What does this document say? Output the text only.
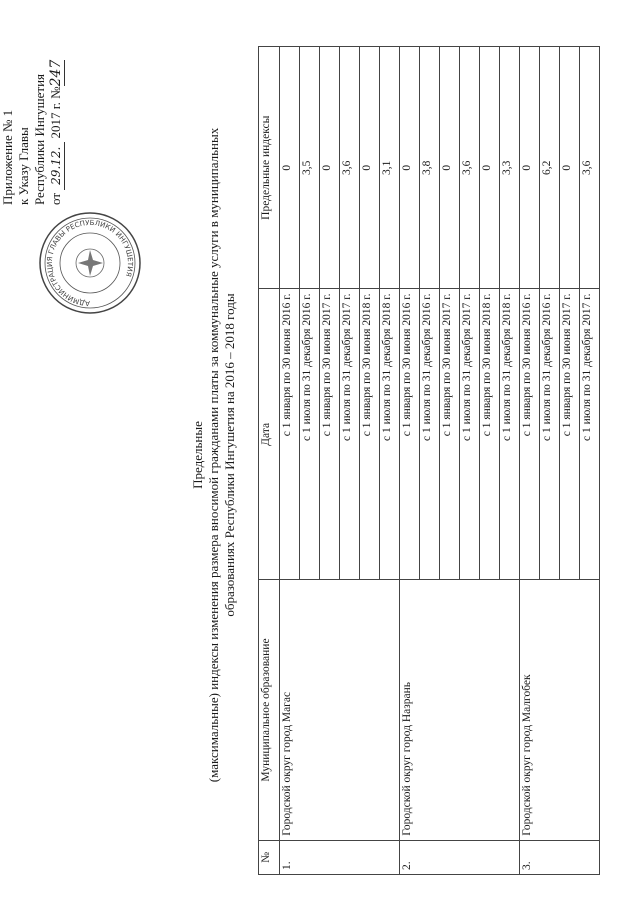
АДМИНИСТРАЦИЯ ГЛАВЫ РЕСПУБЛИКИ ИНГУШЕТИЯ
Приложение № 1 к Указу Главы Республики Ингушетия от 29.12. 2017 г. №247
Предельные (максимальные) индексы изменения размера вносимой гражданами платы за коммунальные услуги в муниципальных образованиях Республики Ингушетия на 2016 – 2018 годы
№	Муниципальное образование	Дата	Предельные индексы
1.	Городской округ город Магас	с 1 января по 30 июня 2016 г.	0
		с 1 июля по 31 декабря 2016 г.	3,5
		с 1 января по 30 июня 2017 г.	0
		с 1 июля по 31 декабря 2017 г.	3,6
		с 1 января по 30 июня 2018 г.	0
		с 1 июля по 31 декабря 2018 г.	3,1
2.	Городской округ город Назрань	с 1 января по 30 июня 2016 г.	0
		с 1 июля по 31 декабря 2016 г.	3,8
		с 1 января по 30 июня 2017 г.	0
		с 1 июля по 31 декабря 2017 г.	3,6
		с 1 января по 30 июня 2018 г.	0
		с 1 июля по 31 декабря 2018 г.	3,3
3.	Городской округ город Малгобек	с 1 января по 30 июня 2016 г.	0
		с 1 июля по 31 декабря 2016 г.	6,2
		с 1 января по 30 июня 2017 г.	0
		с 1 июля по 31 декабря 2017 г.	3,6
